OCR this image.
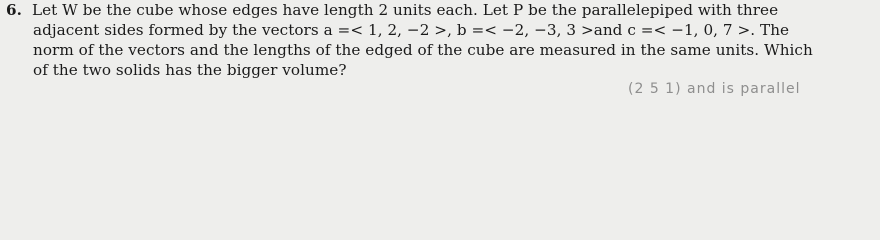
6. Let W be the cube whose edges have length 2 units each. Let P be the parallelepiped with three
adjacent sides formed by the vectors a =< 1, 2, −2 >, b =< −2, −3, 3 >and c =< −1, 0, 7 >. The
norm of the vectors and the lengths of the edged of the cube are measured in the same units. Which
of the two solids has the bigger volume?
(2 5 1) and is parallel
